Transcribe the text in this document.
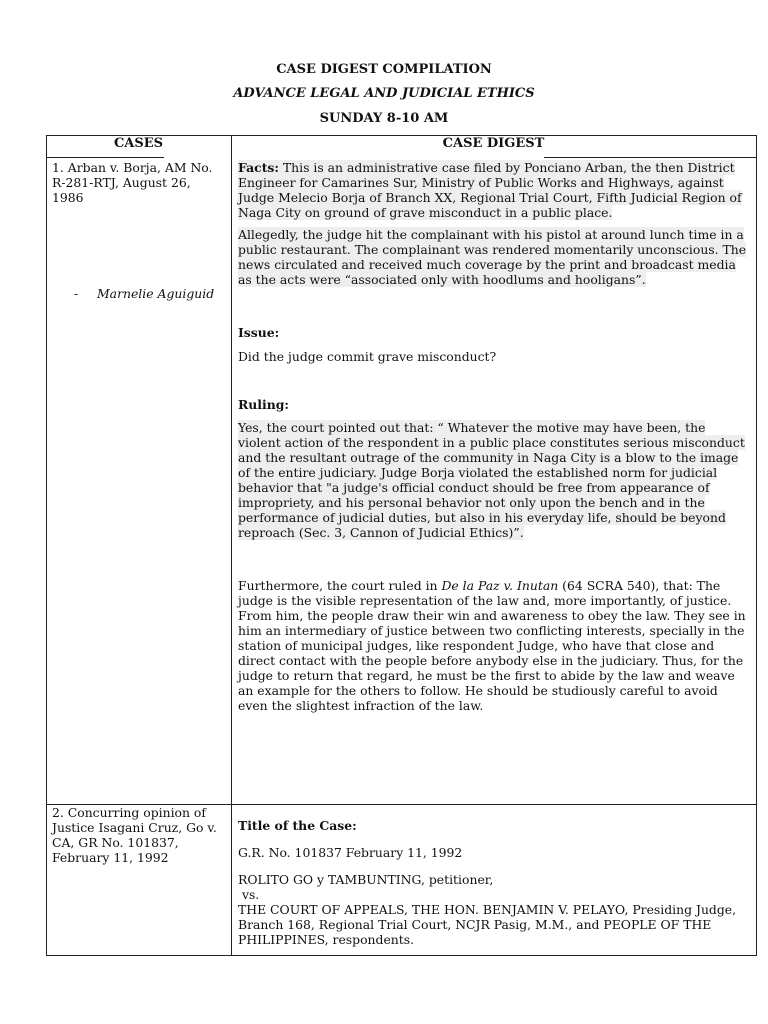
CASE DIGEST COMPILATION
ADVANCE LEGAL AND JUDICIAL ETHICS
SUNDAY 8-10 AM
CASES	CASE DIGEST
1. Arban v. Borja, AM No. R-281-RTJ, August 26, 1986
- Marnelie Aguiguid

Facts: This is an administrative case filed by Ponciano Arban, the then District Engineer for Camarines Sur, Ministry of Public Works and Highways, against Judge Melecio Borja of Branch XX, Regional Trial Court, Fifth Judicial Region of Naga City on ground of grave misconduct in a public place.

Allegedly, the judge hit the complainant with his pistol at around lunch time in a public restaurant. The complainant was rendered momentarily unconscious. The news circulated and received much coverage by the print and broadcast media as the acts were “associated only with hoodlums and hooligans”.

Issue:

Did the judge commit grave misconduct?

Ruling:

Yes, the court pointed out that: “ Whatever the motive may have been, the violent action of the respondent in a public place constitutes serious misconduct and the resultant outrage of the community in Naga City is a blow to the image of the entire judiciary. Judge Borja violated the established norm for judicial behavior that "a judge's official conduct should be free from appearance of impropriety, and his personal behavior not only upon the bench and in the performance of judicial duties, but also in his everyday life, should be beyond reproach (Sec. 3, Cannon of Judicial Ethics)”.

Furthermore, the court ruled in De la Paz v. Inutan (64 SCRA 540), that: The judge is the visible representation of the law and, more importantly, of justice. From him, the people draw their win and awareness to obey the law. They see in him an intermediary of justice between two conflicting interests, specially in the station of municipal judges, like respondent Judge, who have that close and direct contact with the people before anybody else in the judiciary. Thus, for the judge to return that regard, he must be the first to abide by the law and weave an example for the others to follow. He should be studiously careful to avoid even the slightest infraction of the law.

2. Concurring opinion of Justice Isagani Cruz, Go v. CA, GR No. 101837, February 11, 1992

Title of the Case:

G.R. No. 101837 February 11, 1992

ROLITO GO y TAMBUNTING, petitioner,

vs.

THE COURT OF APPEALS, THE HON. BENJAMIN V. PELAYO, Presiding Judge, Branch 168, Regional Trial Court, NCJR Pasig, M.M., and PEOPLE OF THE PHILIPPINES, respondents.
